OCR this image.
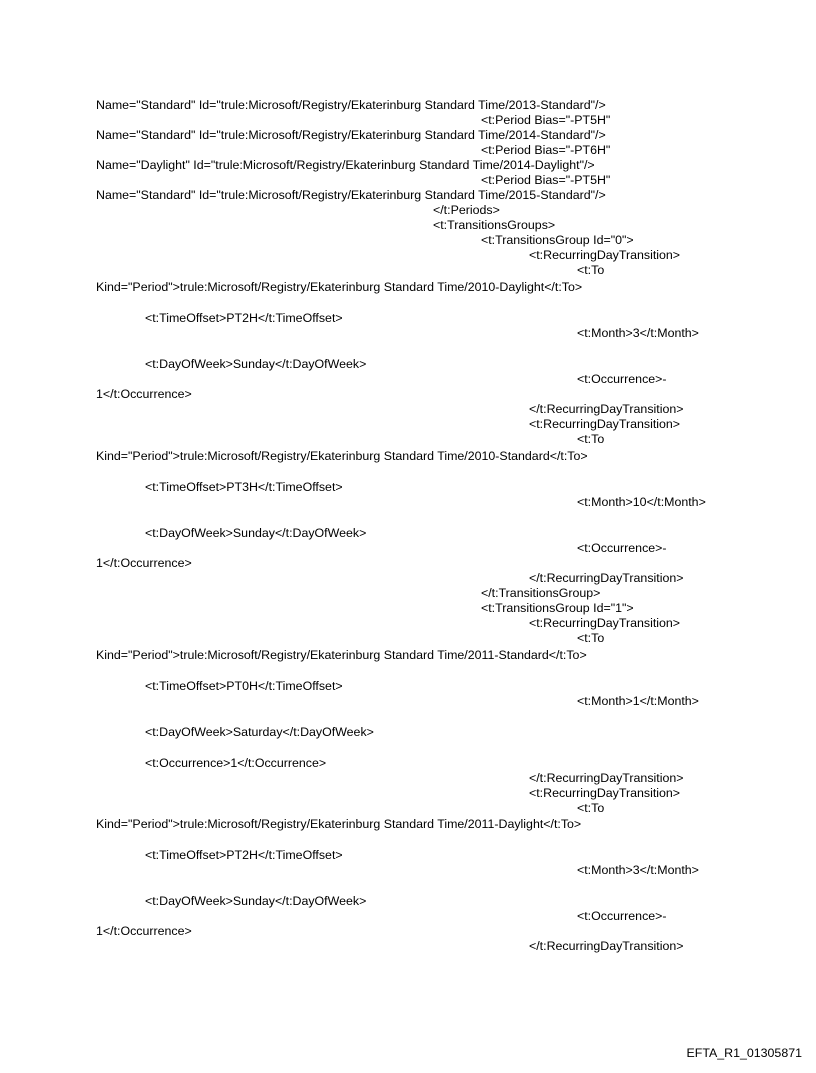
Name="Standard" Id="trule:Microsoft/Registry/Ekaterinburg Standard Time/2013-Standard"/>
<t:Period Bias="-PT5H"
Name="Standard" Id="trule:Microsoft/Registry/Ekaterinburg Standard Time/2014-Standard"/>
<t:Period Bias="-PT6H"
Name="Daylight" Id="trule:Microsoft/Registry/Ekaterinburg Standard Time/2014-Daylight"/>
<t:Period Bias="-PT5H"
Name="Standard" Id="trule:Microsoft/Registry/Ekaterinburg Standard Time/2015-Standard"/>
</t:Periods>
<t:TransitionsGroups>
<t:TransitionsGroup Id="0">
<t:RecurringDayTransition>
<t:To
Kind="Period">trule:Microsoft/Registry/Ekaterinburg Standard Time/2010-Daylight</t:To>
<t:TimeOffset>PT2H</t:TimeOffset>
<t:Month>3</t:Month>
<t:DayOfWeek>Sunday</t:DayOfWeek>
<t:Occurrence>-
1</t:Occurrence>
</t:RecurringDayTransition>
<t:RecurringDayTransition>
<t:To
Kind="Period">trule:Microsoft/Registry/Ekaterinburg Standard Time/2010-Standard</t:To>
<t:TimeOffset>PT3H</t:TimeOffset>
<t:Month>10</t:Month>
<t:DayOfWeek>Sunday</t:DayOfWeek>
<t:Occurrence>-
1</t:Occurrence>
</t:RecurringDayTransition>
</t:TransitionsGroup>
<t:TransitionsGroup Id="1">
<t:RecurringDayTransition>
<t:To
Kind="Period">trule:Microsoft/Registry/Ekaterinburg Standard Time/2011-Standard</t:To>
<t:TimeOffset>PT0H</t:TimeOffset>
<t:Month>1</t:Month>
<t:DayOfWeek>Saturday</t:DayOfWeek>
<t:Occurrence>1</t:Occurrence>
</t:RecurringDayTransition>
<t:RecurringDayTransition>
<t:To
Kind="Period">trule:Microsoft/Registry/Ekaterinburg Standard Time/2011-Daylight</t:To>
<t:TimeOffset>PT2H</t:TimeOffset>
<t:Month>3</t:Month>
<t:DayOfWeek>Sunday</t:DayOfWeek>
<t:Occurrence>-
1</t:Occurrence>
</t:RecurringDayTransition>
EFTA_R1_01305871
